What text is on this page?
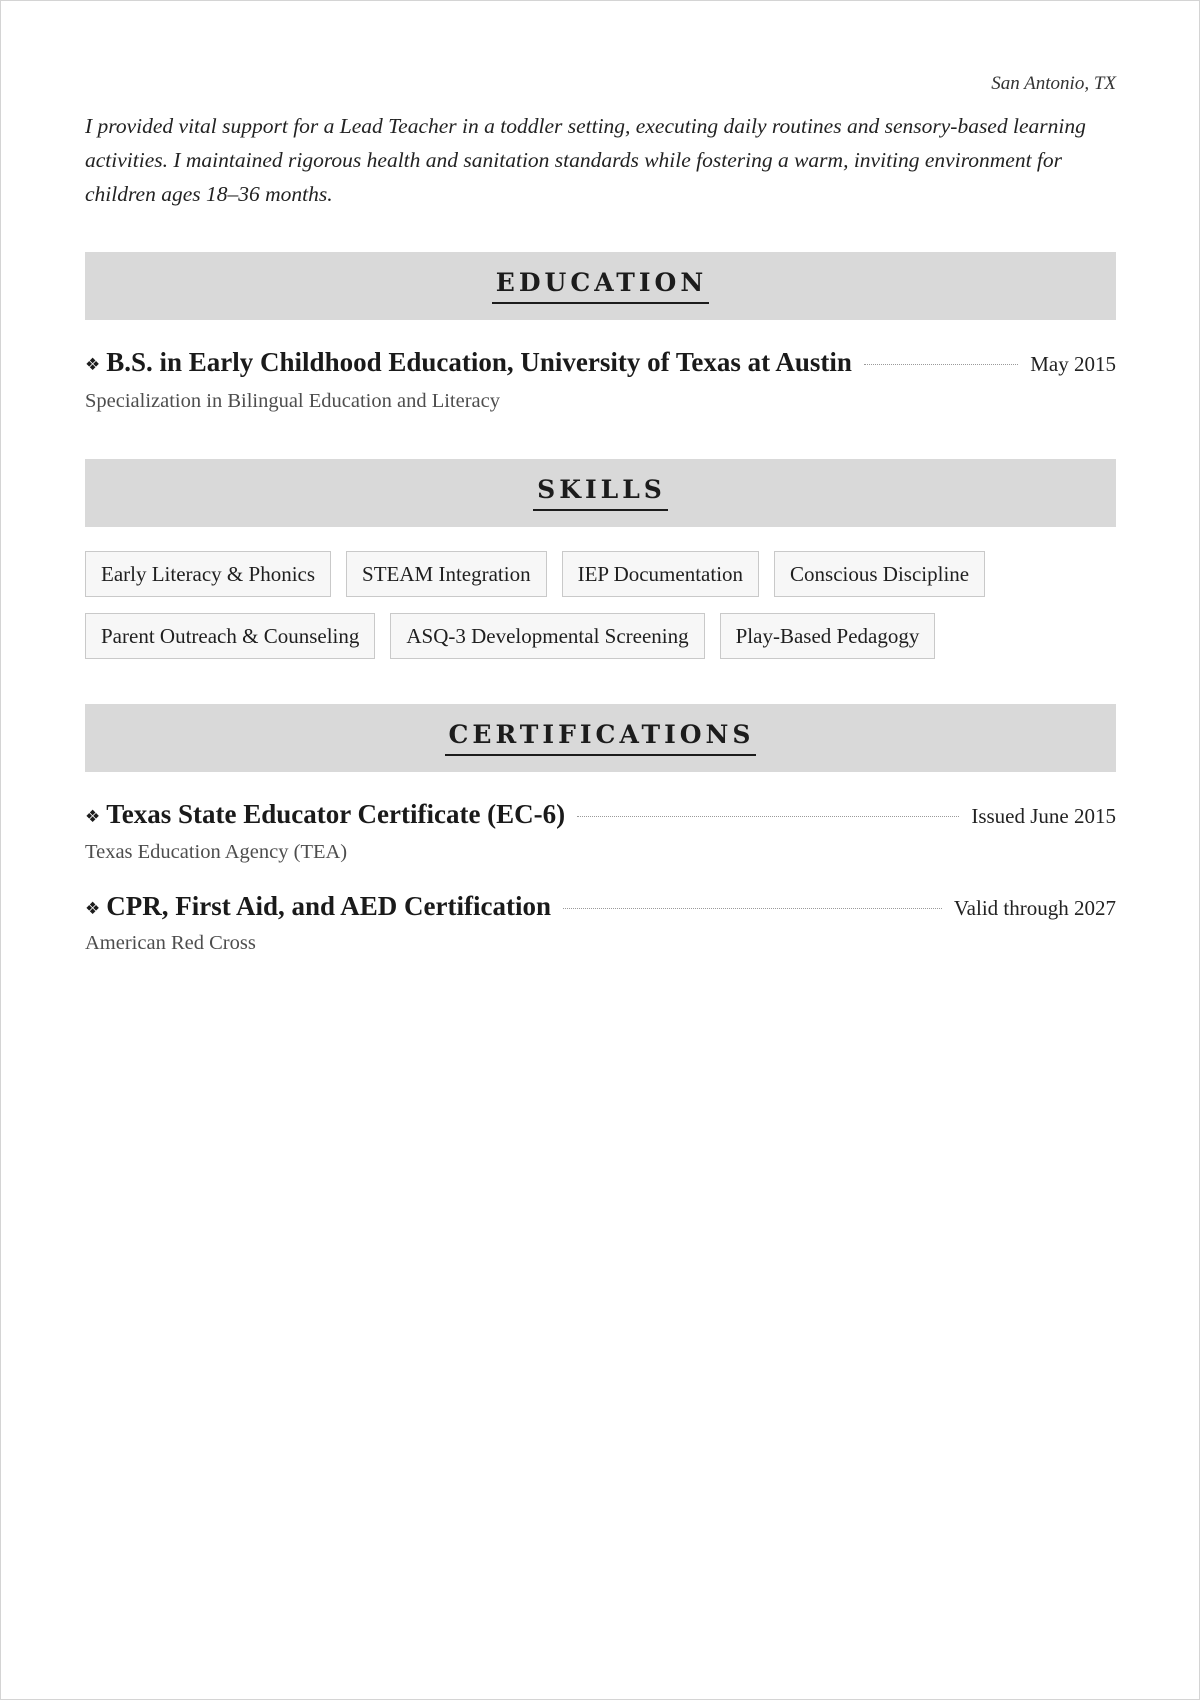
San Antonio, TX

I provided vital support for a Lead Teacher in a toddler setting, executing daily routines and sensory-based learning activities. I maintained rigorous health and sanitation standards while fostering a warm, inviting environment for children ages 18–36 months.

EDUCATION
❖ B.S. in Early Childhood Education, University of Texas at Austin	May 2015
Specialization in Bilingual Education and Literacy
SKILLS
Early Literacy & Phonics	STEAM Integration	IEP Documentation	Conscious Discipline
Parent Outreach & Counseling	ASQ-3 Developmental Screening	Play-Based Pedagogy
CERTIFICATIONS
❖ Texas State Educator Certificate (EC-6)	Issued June 2015
Texas Education Agency (TEA)
❖ CPR, First Aid, and AED Certification	Valid through 2027
American Red Cross
